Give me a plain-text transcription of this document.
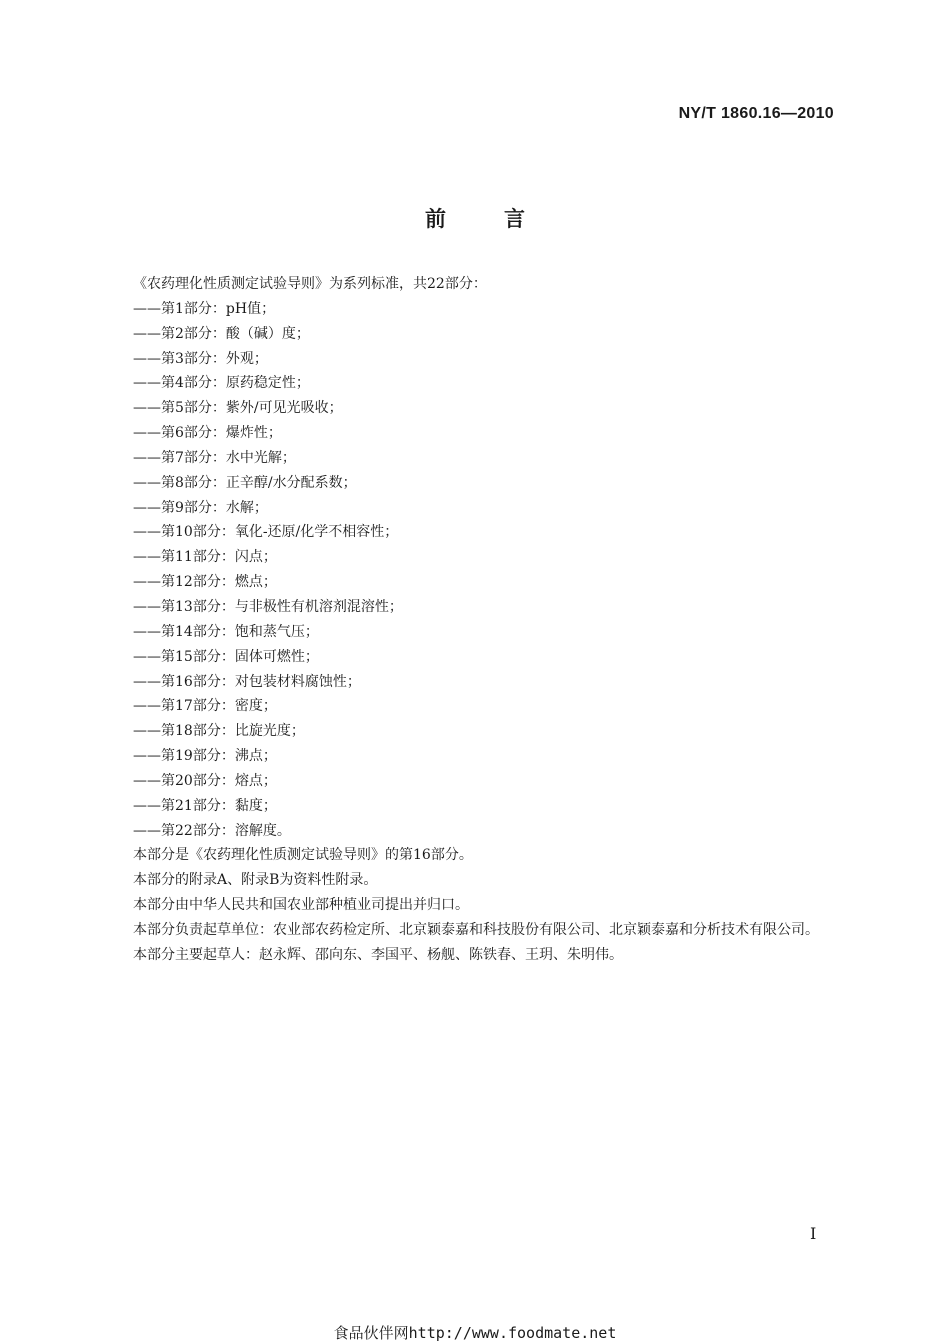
NY/T 1860.16—2010
前言

《农药理化性质测定试验导则》为系列标准，共22部分：

——第1部分：pH值；
——第2部分：酸（碱）度；
——第3部分：外观；
——第4部分：原药稳定性；
——第5部分：紫外/可见光吸收；
——第6部分：爆炸性；
——第7部分：水中光解；
——第8部分：正辛醇/水分配系数；
——第9部分：水解；
——第10部分：氧化-还原/化学不相容性；
——第11部分：闪点；
——第12部分：燃点；
——第13部分：与非极性有机溶剂混溶性；
——第14部分：饱和蒸气压；
——第15部分：固体可燃性；
——第16部分：对包装材料腐蚀性；
——第17部分：密度；
——第18部分：比旋光度；
——第19部分：沸点；
——第20部分：熔点；
——第21部分：黏度；
——第22部分：溶解度。

本部分是《农药理化性质测定试验导则》的第16部分。

本部分的附录A、附录B为资料性附录。

本部分由中华人民共和国农业部种植业司提出并归口。

本部分负责起草单位：农业部农药检定所、北京颖泰嘉和科技股份有限公司、北京颖泰嘉和分析技术有限公司。

本部分主要起草人：赵永辉、邵向东、李国平、杨舰、陈铁春、王玥、朱明伟。

I
食品伙伴网http://www.foodmate.net
